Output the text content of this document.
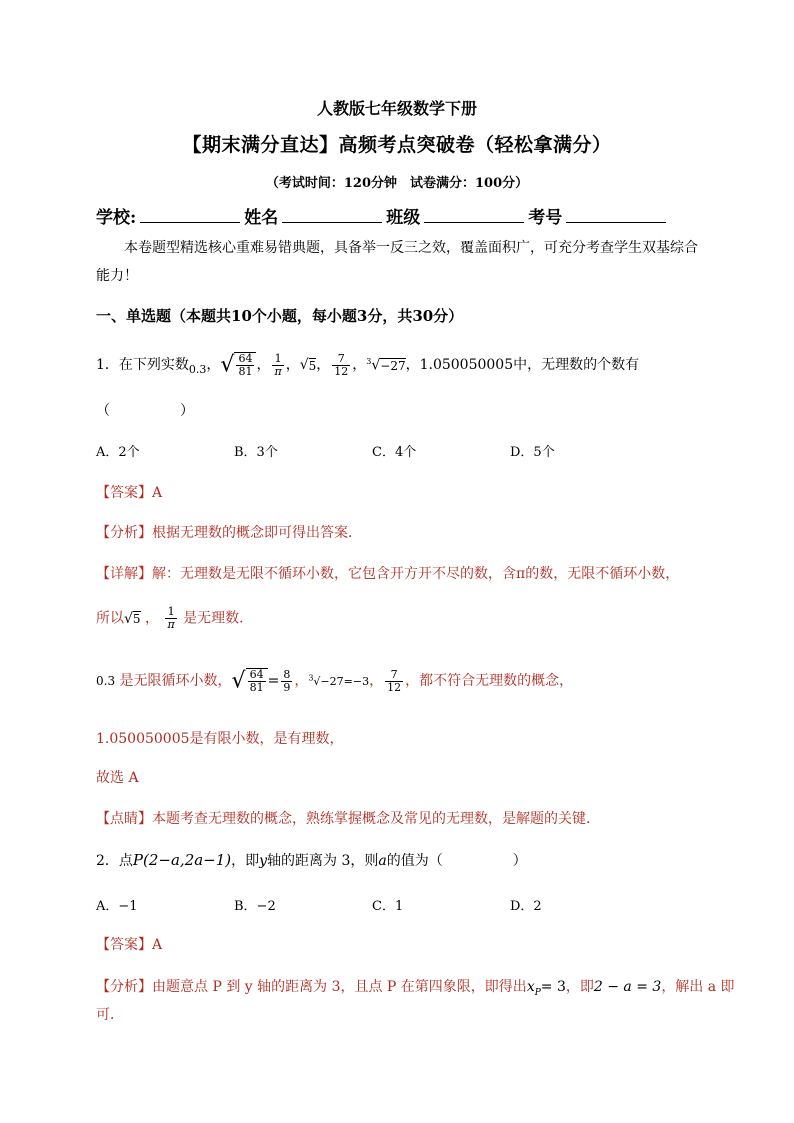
人教版七年级数学下册
【期末满分直达】高频考点突破卷（轻松拿满分）
（考试时间：120分钟　试卷满分：100分）
学校:	姓名	班级	考号
本卷题型精选核心重难易错典题，具备举一反三之效，覆盖面积广，可充分考查学生双基综合能力！
一、单选题（本题共10个小题，每小题3分，共30分）
1．在下列实数$_{0.3}$，√ $\frac{64}{81}$ ， $\frac{1}{\pi}$ ，√5， $\frac{7}{12}$ ，$^3$√−27，1.050050005中，无理数的个数有
（　　　　　）
A．2个	B．3个	C．4个	D．5个
【答案】A
【分析】根据无理数的概念即可得出答案．
【详解】解：无理数是无限不循环小数，它包含开方开不尽的数，含π的数，无限不循环小数，
所以√5 ， $\frac{1}{\pi}$ 是无理数．
0.3 是无限循环小数，√ $\frac{64}{81} = \frac{8}{9}$ ，$^3$√−27=−3， $\frac{7}{12}$ ，都不符合无理数的概念，
1.050050005是有限小数，是有理数，
故选 A
【点睛】本题考查无理数的概念，熟练掌握概念及常见的无理数，是解题的关键．
2．点P(2−a,2a−1)，即y轴的距离为 3，则a的值为（　　　　　）
A．−1	B．−2	C．1	D．2
【答案】A
【分析】由题意点 P 到 y 轴的距离为 3，且点 P 在第四象限，即得出$x_P= 3$，即2 − a = 3，解出 a 即
可．
